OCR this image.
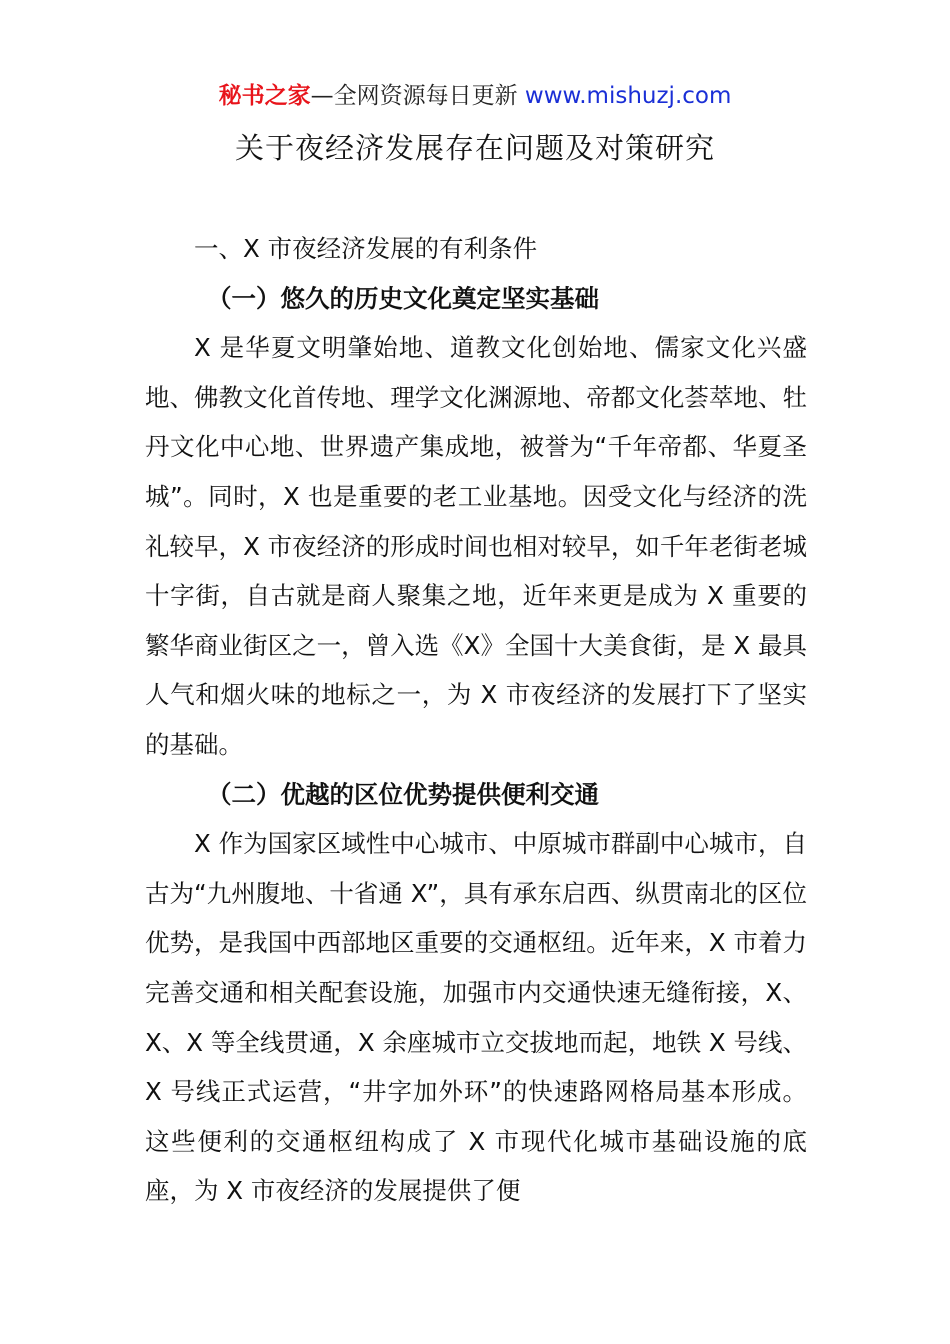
秘书之家—全网资源每日更新 www.mishuzj.com
关于夜经济发展存在问题及对策研究

一、X 市夜经济发展的有利条件

（一）悠久的历史文化奠定坚实基础

X 是华夏文明肇始地、道教文化创始地、儒家文化兴盛地、佛教文化首传地、理学文化渊源地、帝都文化荟萃地、牡丹文化中心地、世界遗产集成地，被誉为“千年帝都、华夏圣城”。同时，X 也是重要的老工业基地。因受文化与经济的洗礼较早，X 市夜经济的形成时间也相对较早，如千年老街老城十字街，自古就是商人聚集之地，近年来更是成为 X 重要的繁华商业街区之一，曾入选《X》全国十大美食街，是 X 最具人气和烟火味的地标之一，为 X 市夜经济的发展打下了坚实的基础。

（二）优越的区位优势提供便利交通

X 作为国家区域性中心城市、中原城市群副中心城市，自古为“九州腹地、十省通 X”，具有承东启西、纵贯南北的区位优势，是我国中西部地区重要的交通枢纽。近年来，X 市着力完善交通和相关配套设施，加强市内交通快速无缝衔接，X、X、X 等全线贯通，X 余座城市立交拔地而起，地铁 X 号线、X 号线正式运营，“井字加外环”的快速路网格局基本形成。这些便利的交通枢纽构成了 X 市现代化城市基础设施的底座，为 X 市夜经济的发展提供了便
